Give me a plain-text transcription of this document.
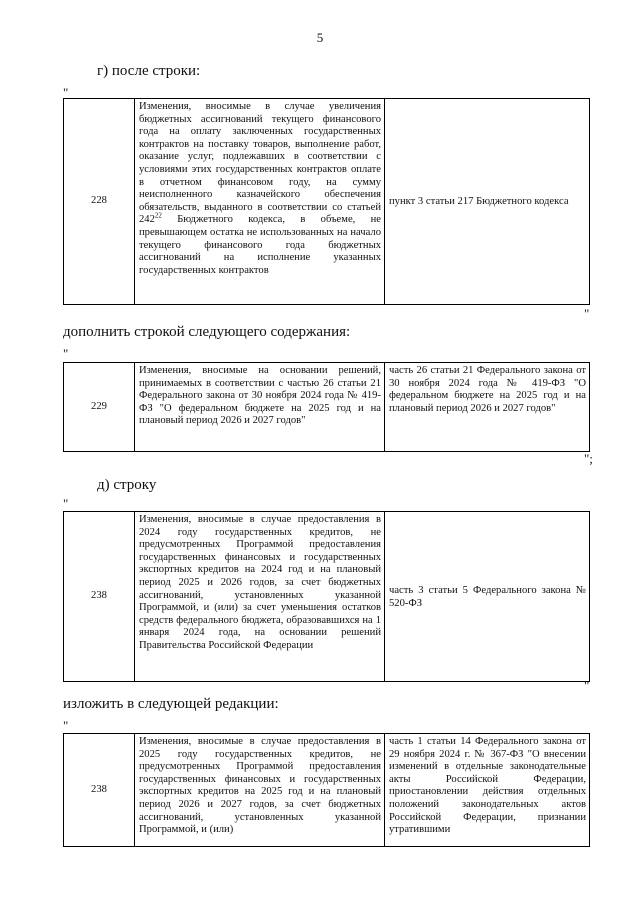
5
г) после строки:
"
228	Изменения, вносимые в случае увеличения бюджетных ассигнований текущего финансового года на оплату заключенных государственных контрактов на поставку товаров, выполнение работ, оказание услуг, подлежавших в соответствии с условиями этих государственных контрактов оплате в отчетном финансовом году, на сумму неисполненного казначейского обеспечения обязательств, выданного в соответствии со статьей $242^{22}$ Бюджетного кодекса, в объеме, не превышающем остатка не использованных на начало текущего финансового года бюджетных ассигнований на исполнение указанных государственных контрактов	пункт 3 статьи 217 Бюджетного кодекса
"
дополнить строкой следующего содержания:
"
229	Изменения, вносимые на основании решений, принимаемых в соответствии с частью 26 статьи 21 Федерального закона от 30 ноября 2024 года № 419-ФЗ "О федеральном бюджете на 2025 год и на плановый период 2026 и 2027 годов"	часть 26 статьи 21 Федерального закона от 30 ноября 2024 года № 419-ФЗ "О федеральном бюджете на 2025 год и на плановый период 2026 и 2027 годов"
";
д) строку
"
238	Изменения, вносимые в случае предоставления в 2024 году государственных кредитов, не предусмотренных Программой предоставления государственных финансовых и государственных экспортных кредитов на 2024 год и на плановый период 2025 и 2026 годов, за счет бюджетных ассигнований, установленных указанной Программой, и (или) за счет уменьшения остатков средств федерального бюджета, образовавшихся на 1 января 2024 года, на основании решений Правительства Российской Федерации	часть 3 статьи 5 Федерального закона № 520-ФЗ
"
изложить в следующей редакции:
"
238	Изменения, вносимые в случае предоставления в 2025 году государственных кредитов, не предусмотренных Программой предоставления государственных финансовых и государственных экспортных кредитов на 2025 год и на плановый период 2026 и 2027 годов, за счет бюджетных ассигнований, установленных указанной Программой, и (или)	часть 1 статьи 14 Федерального закона от 29 ноября 2024 г. № 367-ФЗ "О внесении изменений в отдельные законодательные акты Российской Федерации, приостановлении действия отдельных положений законодательных актов Российской Федерации, признании утратившими
